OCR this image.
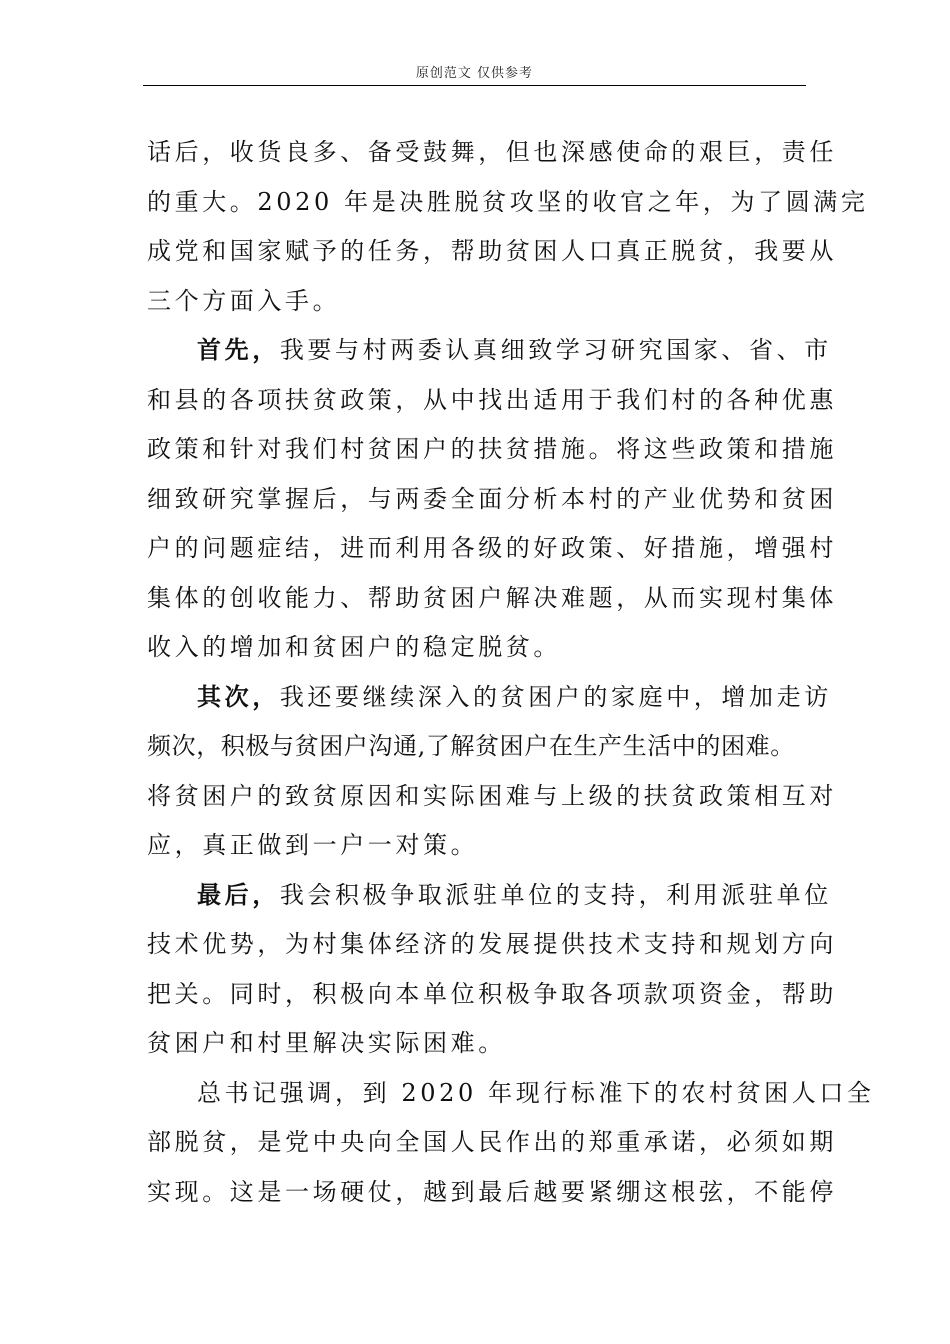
原创范文 仅供参考
话后，收货良多、备受鼓舞，但也深感使命的艰巨，责任
的重大。2020 年是决胜脱贫攻坚的收官之年，为了圆满完
成党和国家赋予的任务，帮助贫困人口真正脱贫，我要从
三个方面入手。
首先，我要与村两委认真细致学习研究国家、省、市
和县的各项扶贫政策，从中找出适用于我们村的各种优惠
政策和针对我们村贫困户的扶贫措施。将这些政策和措施
细致研究掌握后，与两委全面分析本村的产业优势和贫困
户的问题症结，进而利用各级的好政策、好措施，增强村
集体的创收能力、帮助贫困户解决难题，从而实现村集体
收入的增加和贫困户的稳定脱贫。
其次，我还要继续深入的贫困户的家庭中，增加走访
频次，积极与贫困户沟通,了解贫困户在生产生活中的困难。
将贫困户的致贫原因和实际困难与上级的扶贫政策相互对
应，真正做到一户一对策。
最后，我会积极争取派驻单位的支持，利用派驻单位
技术优势，为村集体经济的发展提供技术支持和规划方向
把关。同时，积极向本单位积极争取各项款项资金，帮助
贫困户和村里解决实际困难。
总书记强调，到 2020 年现行标准下的农村贫困人口全
部脱贫，是党中央向全国人民作出的郑重承诺，必须如期
实现。这是一场硬仗，越到最后越要紧绷这根弦，不能停
